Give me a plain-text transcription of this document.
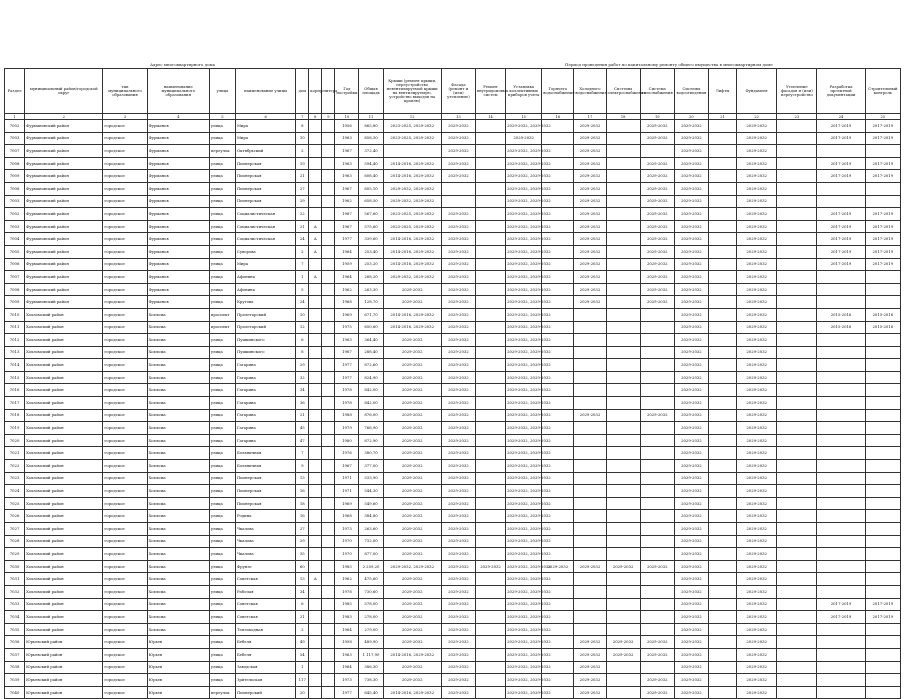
Адрес многоквартирного дома	Период проведения работ по капитальному ремонту общего имущества в многоквартирном доме
Раздел	муниципальный район/городской округ	тип муниципального образования	наименование муниципального образования	улица	наименование улицы	дом	корпус	литера	Год постройки	Общая площадь	Крыши (ремонт крыши, переустройство невентилируемой крыши на вентилируемую, устройство выходов на кровлю)	Фасада (ремонт и (или) утепление)	Ремонт внутридомовых систем	Установка коллективных приборов учета	Горячего водоснабжения	Холодного водоснабжения	Системы электроснабжения	Система газоснабжения	Системы водоотведения	Лифты	Фундамент	Утепление фасадов и (или) переустройство	Разработка проектной документации	Строительный контроль
1	2	3	4	5	6	7	8	9	10	11	12	13	14	15	16	17	18	19	20	21	22	23	24	25
7002	Фурмановский район	городское	Фурманов	улица	Мира	8			1956	865,80	2023-2025, 2029-2032	2029-2032		2029-2032, 2029-2032		2029-2032		2029-2032	2029-2032		2029-2032		2017-2019	2017-2019
7003	Фурмановский район	городское	Фурманов	улица	Мира	10			1963	858,30	2023-2025, 2029-2032	2029-2032		2029-2032		2029-2032		2029-2032	2029-2032		2029-2032		2017-2019	2017-2019
7007	Фурмановский район	городское	Фурманов	переулок	Октябрьский	2			1967	372,40		2029-2032		2029-2032, 2029-2032		2029-2032			2029-2032		2029-2032			
7008	Фурмановский район	городское	Фурманов	улица	Пионерская	19			1963	594,40	2014-2016, 2029-2032	2029-2032		2029-2032, 2029-2032		2029-2032		2029-2032	2029-2032		2029-2032		2017-2019	2017-2019
7009	Фурмановский район	городское	Фурманов	улица	Пионерская	21			1963	608,40	2014-2016, 2029-2032	2029-2032		2029-2032, 2029-2032		2029-2032		2029-2032	2029-2032		2029-2032		2017-2019	2017-2019
7008	Фурмановский район	городское	Фурманов	улица	Пионерская	27			1967	605,10	2029-2032, 2029-2032			2029-2032, 2029-2032		2029-2032		2029-2032	2029-2032		2029-2032			
7003	Фурмановский район	городское	Фурманов	улица	Пионерская	29			1962	658,50	2029-2032, 2029-2032			2029-2032, 2029-2032		2029-2032		2029-2032	2029-2032		2029-2032			
7002	Фурмановский район	городское	Фурманов	улица	Социалистическая	22			1967	567,60	2023-2025, 2029-2032	2029-2032		2029-2032, 2029-2032		2029-2032		2029-2032	2029-2032		2029-2032		2017-2019	2017-2019
7003	Фурмановский район	городское	Фурманов	улица	Социалистическая	21	А		1967	575,60	2023-2025, 2029-2032	2029-2032		2029-2032, 2029-2032		2029-2032		2029-2032	2029-2032		2029-2032		2017-2019	2017-2019
7004	Фурмановский район	городское	Фурманов	улица	Социалистическая	24	А		1977	339,60	2014-2016, 2029-2032	2029-2032		2029-2032, 2029-2032		2029-2032		2029-2032	2029-2032		2029-2032		2017-2019	2017-2019
7005	Фурмановский район	городское	Фурманов	улица	Суворова	2	А		1964	253,40	2014-2016, 2029-2032	2029-2032		2029-2032, 2029-2032		2029-2032		2029-2032	2029-2032		2029-2032		2017-2019	2017-2019
7006	Фурмановский район	городское	Фурманов	улица	Мира	7			1959	253,20	2014-2016, 2029-2032	2029-2032		2029-2032, 2029-2032		2029-2032		2029-2032	2029-2032		2029-2032		2017-2019	2017-2019
7007	Фурмановский район	городское	Фурманов	улица	Афонина	1	А		1964	268,20	2029-2032, 2029-2032	2029-2032		2029-2032, 2029-2032		2029-2032		2029-2032	2029-2032		2029-2032			
7008	Фурмановский район	городское	Фурманов	улица	Афонина	5			1962	263,30	2029-2032	2029-2032		2029-2032, 2029-2032		2029-2032		2029-2032	2029-2032		2029-2032			
7009	Фурмановский район	городское	Фурманов	улица	Крутова	24			1968	128,70	2029-2032	2029-2032		2029-2032, 2029-2032		2029-2032		2029-2032	2029-2032		2029-2032			
7010	Хохломский район	городское	Хохлома	проспект	Пролетарский	10			1969	671,70	2014-2016, 2029-2032	2029-2032		2029-2032, 2029-2032					2029-2032		2029-2032		2015-2016	2015-2016
7011	Хохломский район	городское	Хохлома	проспект	Пролетарский	12			1975	650,60	2014-2016, 2029-2032	2029-2032		2029-2032, 2029-2032					2029-2032		2029-2032		2015-2016	2015-2016
7012	Хохломский район	городское	Хохлома	улица	Пушкинского	6			1963	364,40	2029-2032	2029-2032		2029-2032, 2029-2032					2029-2032		2029-2032			
7013	Хохломский район	городское	Хохлома	улица	Пушкинского	8			1967	288,40	2029-2032	2029-2032		2029-2032, 2029-2032					2029-2032		2029-2032			
7014	Хохломский район	городское	Хохлома	улица	Гагарина	29			1977	872,60	2029-2032	2029-2032		2029-2032, 2029-2032					2029-2032		2029-2032			
7015	Хохломский район	городское	Хохлома	улица	Гагарина	32			1977	824,90	2029-2032	2029-2032		2029-2032, 2029-2032					2029-2032		2029-2032			
7016	Хохломский район	городское	Хохлома	улица	Гагарина	34			1978	842,00	2029-2032	2029-2032		2029-2032, 2029-2032					2029-2032		2029-2032			
7017	Хохломский район	городское	Хохлома	улица	Гагарина	36			1978	842,00	2029-2032	2029-2032		2029-2032, 2029-2032					2029-2032		2029-2032			
7018	Хохломский район	городское	Хохлома	улица	Гагарина	21			1988	876,00	2029-2032	2029-2032		2029-2032, 2029-2032		2029-2032		2029-2032	2029-2032		2029-2032			
7019	Хохломский район	городское	Хохлома	улица	Гагарина	45			1979	766,90	2029-2032	2029-2032		2029-2032, 2029-2032					2029-2032		2029-2032			
7020	Хохломский район	городское	Хохлома	улица	Гагарина	47			1980	872,90	2029-2032	2029-2032		2029-2032, 2029-2032					2029-2032		2029-2032			
7021	Хохломский район	городское	Хохлома	улица	Больничная	7			1976	380,70	2029-2032	2029-2032		2029-2032, 2029-2032					2029-2032		2029-2032			
7022	Хохломский район	городское	Хохлома	улица	Больничная	9			1967	377,00	2029-2032	2029-2032		2029-2032, 2029-2032					2029-2032		2029-2032			
7023	Хохломский район	городское	Хохлома	улица	Пионерская	13			1971	533,90	2029-2032	2029-2032		2029-2032, 2029-2032					2029-2032		2029-2032			
7024	Хохломский район	городское	Хохлома	улица	Пионерская	16			1971	544,30	2029-2032	2029-2032		2029-2032, 2029-2032					2029-2032		2029-2032			
7025	Хохломский район	городское	Хохлома	улица	Пионерская	18			1969	549,60	2029-2032	2029-2032		2029-2032, 2029-2032					2029-2032		2029-2032			
7026	Хохломский район	городское	Хохлома	улица	Родина	16			1968	384,80	2029-2032	2029-2032		2029-2032, 2029-2032					2029-2032		2029-2032			
7027	Хохломский район	городское	Хохлома	улица	Чкалова	27			1973	263,60	2029-2032	2029-2032		2029-2032, 2029-2032					2029-2032		2029-2032			
7028	Хохломский район	городское	Хохлома	улица	Чкалова	29			1970	732,00	2029-2032	2029-2032		2029-2032, 2029-2032					2029-2032		2029-2032			
7029	Хохломский район	городское	Хохлома	улица	Чкалова	35			1970	877,00	2029-2032	2029-2032		2029-2032, 2029-2032					2029-2032		2029-2032			
7030	Хохломский район	городское	Хохлома	улица	Фрунзе	60			1985	2 259,20	2029-2032, 2029-2032	2029-2032	2029-2032	2029-2032, 2029-2032	2029-2032	2029-2032	2029-2032	2029-2032	2029-2032		2029-2032			
7031	Хохломский район	городское	Хохлома	улица	Советская	13	А		1962	475,60	2029-2032	2029-2032		2029-2032, 2029-2032					2029-2032		2029-2032			
7032	Хохломский район	городское	Хохлома	улица	Рабочая	34			1978	730,60	2029-2032	2029-2032		2029-2032, 2029-2032					2029-2032		2029-2032			
7033	Хохломский район	городское	Хохлома	улица	Советская	6			1985	578,00	2029-2032	2029-2032		2029-2032, 2029-2032					2029-2032		2029-2032		2017-2019	2017-2019
7034	Хохломский район	городское	Хохлома	улица	Советская	21			1983	278,00	2029-2032	2029-2032		2029-2032, 2029-2032					2029-2032		2029-2032		2017-2019	2017-2019
7035	Хохломский район	городское	Хохлома	улица	Теплоходная	2			1964	279,00	2029-2032	2029-2032		2029-2032, 2029-2032					2029-2032		2029-2032			
7036	Юрьевский район	городское	Юрьев	улица	Бебеля	49			1958	489,90	2029-2032	2029-2032		2029-2032, 2029-2032		2029-2032	2029-2032	2029-2032	2029-2032		2029-2032			
7037	Юрьевский район	городское	Юрьев	улица	Бебеля	54			1963	1 117,90	2014-2016, 2029-2032	2029-2032		2029-2032, 2029-2032		2029-2032	2029-2032	2029-2032	2029-2032		2029-2032			
7038	Юрьевский район	городское	Юрьев	улица	Заводская	1			1964	386,30	2029-2032	2029-2032		2029-2032, 2029-2032		2029-2032			2029-2032		2029-2032			
7039	Юрьевский район	городское	Юрьев	улица	Зрительская	117			1973	738,30	2029-2032	2029-2032		2029-2032, 2029-2032		2029-2032		2029-2032	2029-2032		2029-2032			
7040	Юрьевский район	городское	Юрьев	переулок	Пионерский	20			1977	645,40	2014-2016, 2029-2032	2029-2032		2029-2032, 2029-2032		2029-2032		2029-2032	2029-2032		2029-2032			
